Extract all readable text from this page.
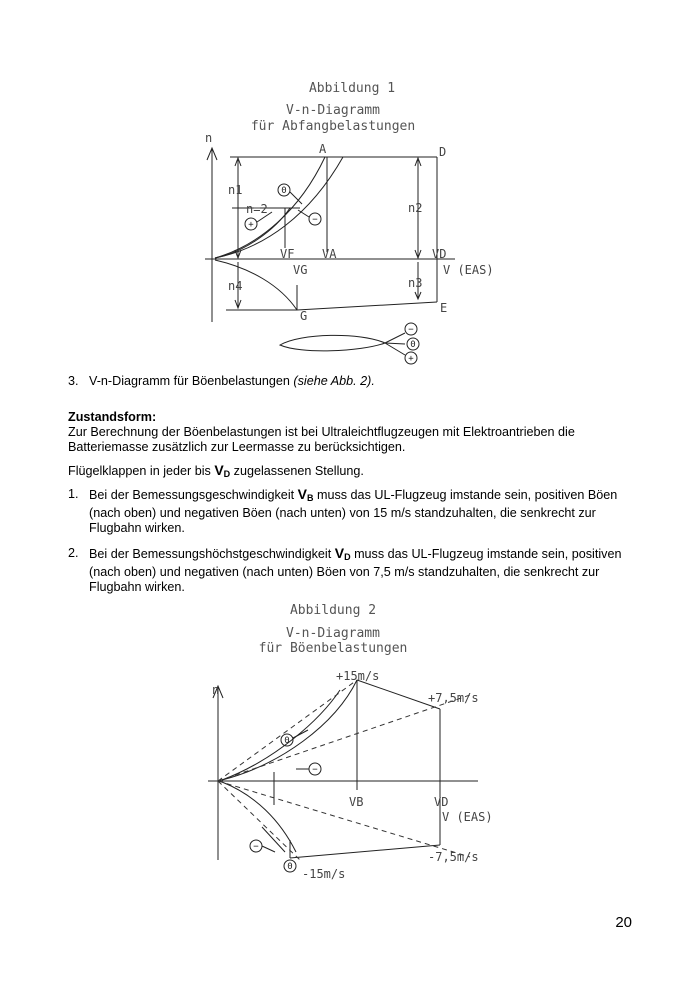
Abbildung 1
V-n-Diagramm
für Abfangbelastungen
n
A	D
n1
n=2	n2
VF VA	VD
VG	V (EAS)
n4	n3
E
G
0
+	−
−
0
+
3. V-n-Diagramm für Böenbelastungen (siehe Abb. 2).
Zustandsform:
Zur Berechnung der Böenbelastungen ist bei Ultraleichtflugzeugen mit Elektroantrieben die Batteriemasse zusätzlich zur Leermasse zu berücksichtigen.
Flügelklappen in jeder bis $V_D$ zugelassenen Stellung.
1. Bei der Bemessungsgeschwindigkeit $V_B$ muss das UL-Flugzeug imstande sein, positiven Böen (nach oben) und negativen Böen (nach unten) von 15 m/s standzuhalten, die senkrecht zur Flugbahn wirken.
2. Bei der Bemessungshöchstgeschwindigkeit $V_D$ muss das UL-Flugzeug imstande sein, positiven (nach oben) und negativen (nach unten) Böen von 7,5 m/s standzuhalten, die senkrecht zur Flugbahn wirken.
Abbildung 2
V-n-Diagramm
für Böenbelastungen
n
+15m/s
+7,5m/s
VB	VD
V (EAS)
-7,5m/s
-15m/s
0
−
−
0
20
